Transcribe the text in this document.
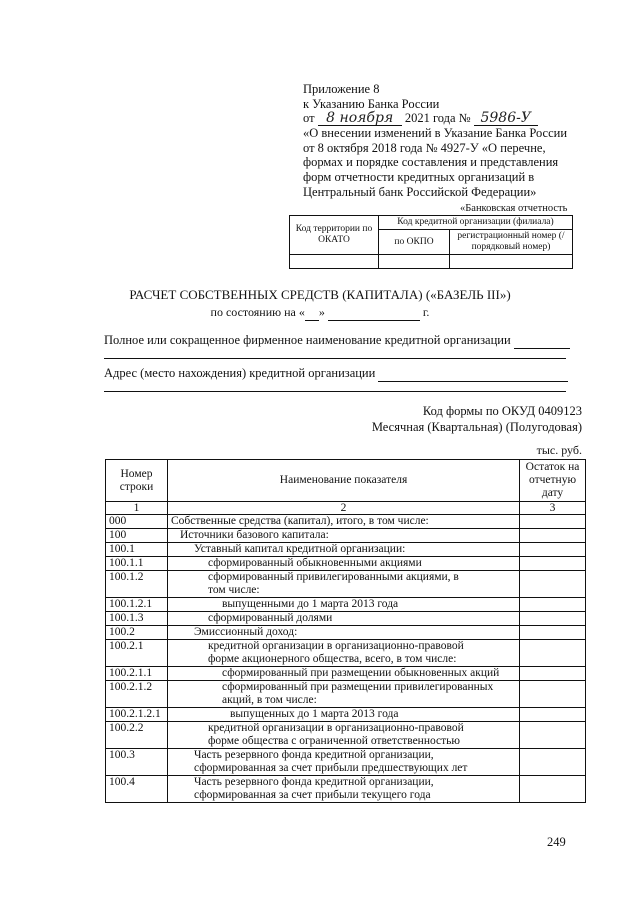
Приложение 8
к Указанию Банка России
от 8 ноября 2021 года № 5986-У
«О внесении изменений в Указание Банка России
от 8 октября 2018 года № 4927-У «О перечне,
формах и порядке составления и представления
форм отчетности кредитных организаций в
Центральный банк Российской Федерации»
«Банковская отчетность
Код территории по ОКАТО	Код кредитной организации (филиала)	
	по ОКПО	регистрационный номер (/порядковый номер)

РАСЧЕТ СОБСТВЕННЫХ СРЕДСТВ (КАПИТАЛА) («БАЗЕЛЬ III»)
по состоянию на « »	г.
Полное или сокращенное фирменное наименование кредитной организации
Адрес (место нахождения) кредитной организации
Код формы по ОКУД 0409123
Месячная (Квартальная) (Полугодовая)
тыс. руб.
Номер строки	Наименование показателя	Остаток на отчетную дату
1	2	3
000	Собственные средства (капитал), итого, в том числе:	
100	Источники базового капитала:	
100.1	Уставный капитал кредитной организации:	
100.1.1	сформированный обыкновенными акциями	
100.1.2	сформированный привилегированными акциями, в том числе:	
100.1.2.1	выпущенными до 1 марта 2013 года	
100.1.3	сформированный долями	
100.2	Эмиссионный доход:	
100.2.1	кредитной организации в организационно-правовой форме акционерного общества, всего, в том числе:	
100.2.1.1	сформированный при размещении обыкновенных акций	
100.2.1.2	сформированный при размещении привилегированных акций, в том числе:	
100.2.1.2.1	выпущенных до 1 марта 2013 года	
100.2.2	кредитной организации в организационно-правовой форме общества с ограниченной ответственностью	
100.3	Часть резервного фонда кредитной организации, сформированная за счет прибыли предшествующих лет	
100.4	Часть резервного фонда кредитной организации, сформированная за счет прибыли текущего года	
249
